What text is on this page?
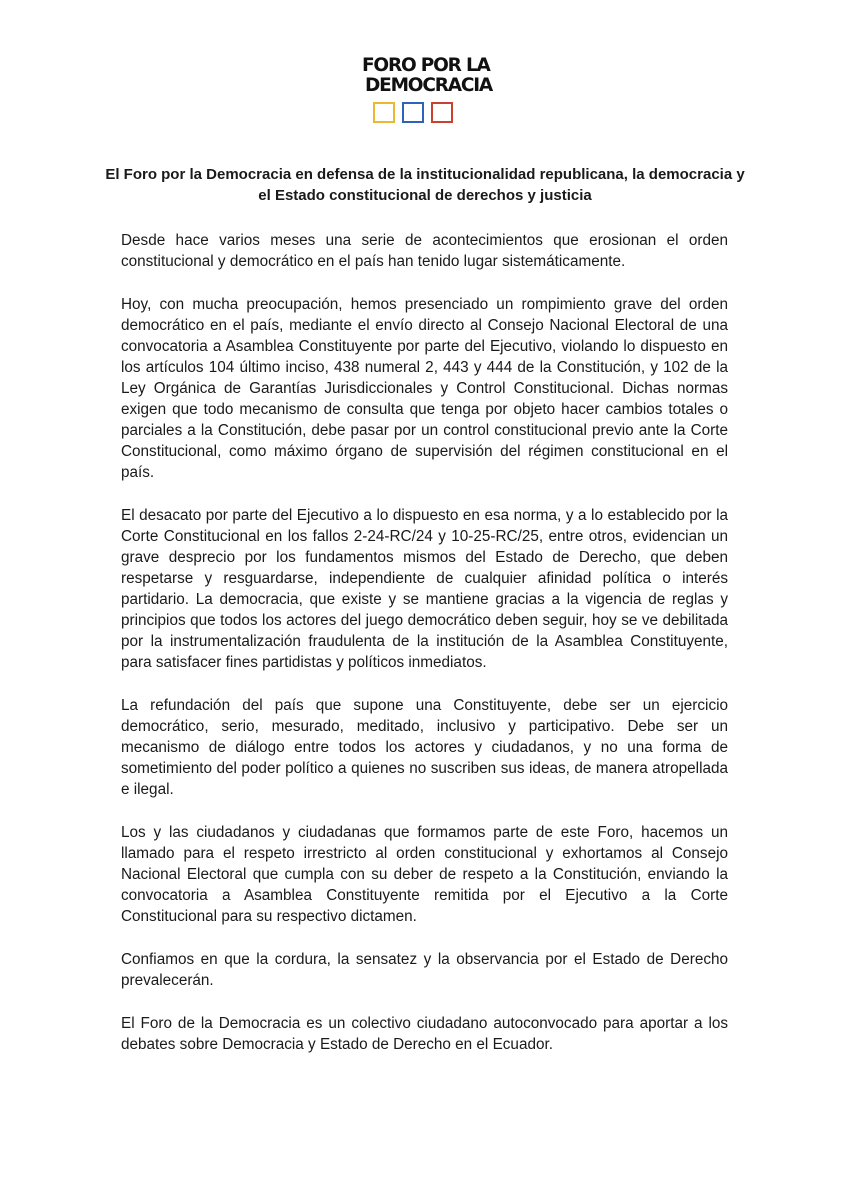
FORO POR LA
DEMOCRACIA
El Foro por la Democracia en defensa de la institucionalidad republicana, la democracia y el Estado constitucional de derechos y justicia

Desde hace varios meses una serie de acontecimientos que erosionan el orden constitucional y democrático en el país han tenido lugar sistemáticamente.

Hoy, con mucha preocupación, hemos presenciado un rompimiento grave del orden democrático en el país, mediante el envío directo al Consejo Nacional Electoral de una convocatoria a Asamblea Constituyente por parte del Ejecutivo, violando lo dispuesto en los artículos 104 último inciso, 438 numeral 2, 443 y 444 de la Constitución, y 102 de la Ley Orgánica de Garantías Jurisdiccionales y Control Constitucional. Dichas normas exigen que todo mecanismo de consulta que tenga por objeto hacer cambios totales o parciales a la Constitución, debe pasar por un control constitucional previo ante la Corte Constitucional, como máximo órgano de supervisión del régimen constitucional en el país.

El desacato por parte del Ejecutivo a lo dispuesto en esa norma, y a lo establecido por la Corte Constitucional en los fallos 2-24-RC/24 y 10-25-RC/25, entre otros, evidencian un grave desprecio por los fundamentos mismos del Estado de Derecho, que deben respetarse y resguardarse, independiente de cualquier afinidad política o interés partidario. La democracia, que existe y se mantiene gracias a la vigencia de reglas y principios que todos los actores del juego democrático deben seguir, hoy se ve debilitada por la instrumentalización fraudulenta de la institución de la Asamblea Constituyente, para satisfacer fines partidistas y políticos inmediatos.

La refundación del país que supone una Constituyente, debe ser un ejercicio democrático, serio, mesurado, meditado, inclusivo y participativo. Debe ser un mecanismo de diálogo entre todos los actores y ciudadanos, y no una forma de sometimiento del poder político a quienes no suscriben sus ideas, de manera atropellada e ilegal.

Los y las ciudadanos y ciudadanas que formamos parte de este Foro, hacemos un llamado para el respeto irrestricto al orden constitucional y exhortamos al Consejo Nacional Electoral que cumpla con su deber de respeto a la Constitución, enviando la convocatoria a Asamblea Constituyente remitida por el Ejecutivo a la Corte Constitucional para su respectivo dictamen.

Confiamos en que la cordura, la sensatez y la observancia por el Estado de Derecho prevalecerán.

El Foro de la Democracia es un colectivo ciudadano autoconvocado para aportar a los debates sobre Democracia y Estado de Derecho en el Ecuador.
